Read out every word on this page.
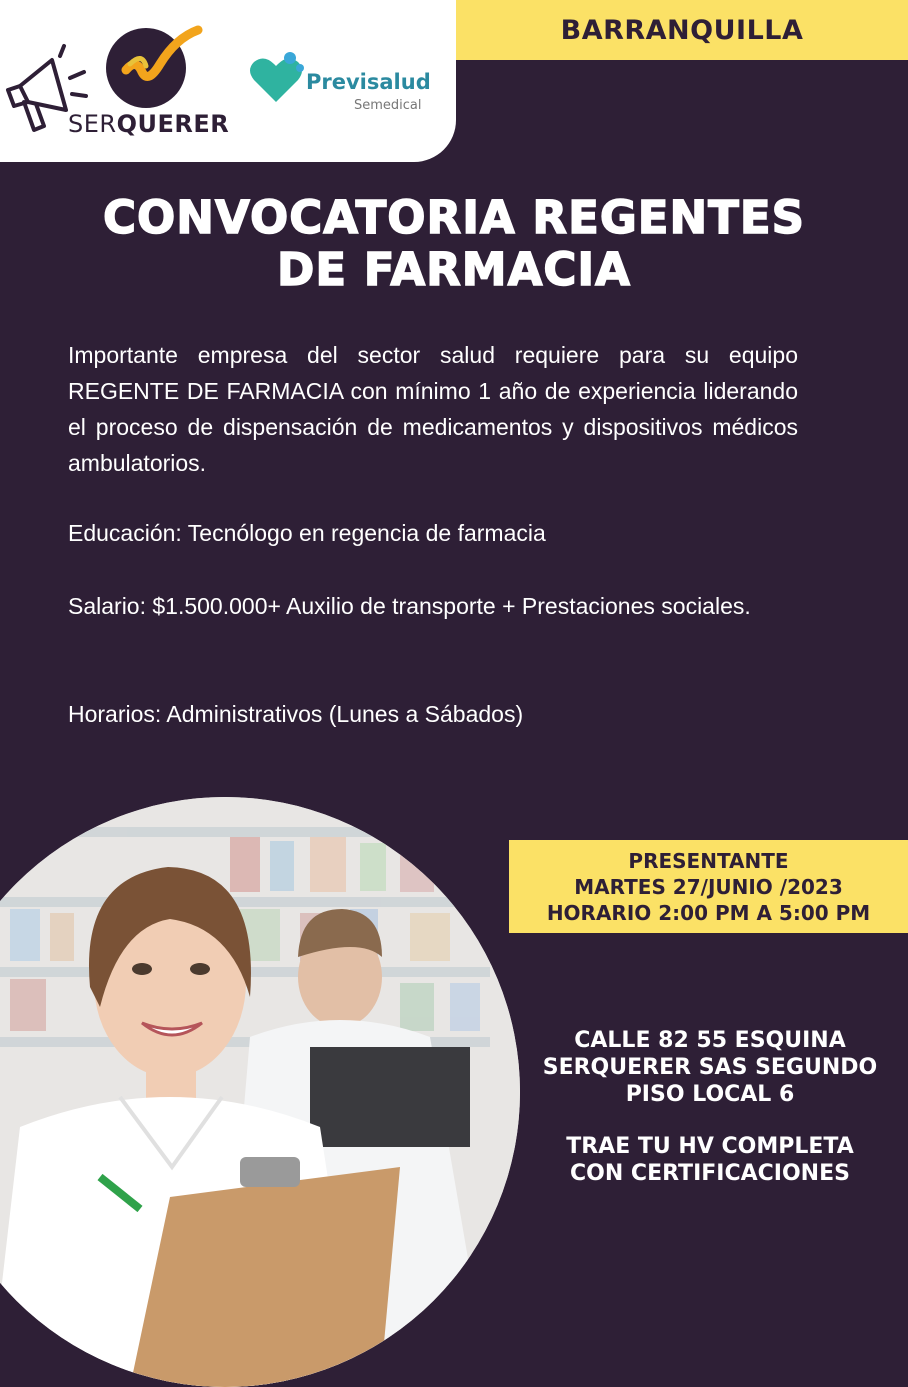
SERQUERER
Previsalud
Semedical
BARRANQUILLA
CONVOCATORIA REGENTES
DE FARMACIA
Importante empresa del sector salud requiere para su equipo REGENTE DE FARMACIA con mínimo 1 año de experiencia liderando el proceso de dispensación de medicamentos y dispositivos médicos ambulatorios.
Educación: Tecnólogo en regencia de farmacia
Salario: $1.500.000+ Auxilio de transporte + Prestaciones sociales.
Horarios: Administrativos (Lunes a Sábados)
PRESENTANTE
MARTES 27/JUNIO /2023
HORARIO 2:00 PM A 5:00 PM
CALLE 82 55 ESQUINA
SERQUERER SAS SEGUNDO
PISO LOCAL 6
TRAE TU HV COMPLETA
CON CERTIFICACIONES
